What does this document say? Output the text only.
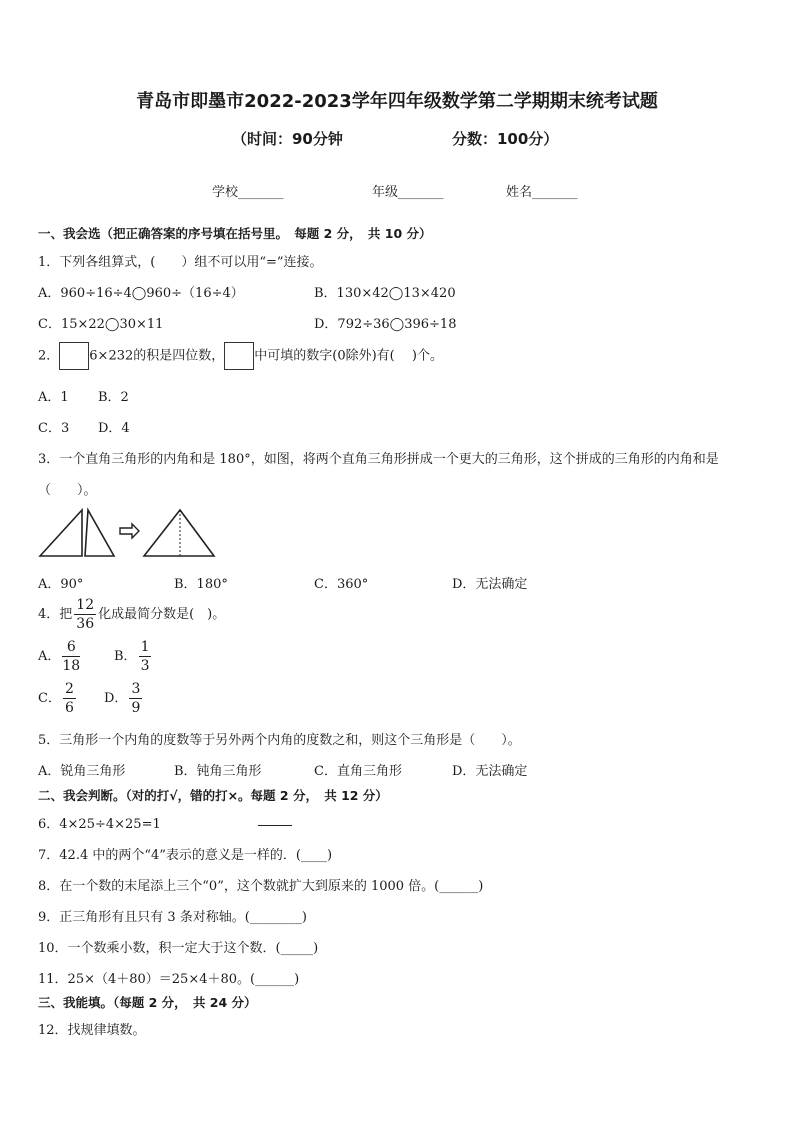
青岛市即墨市2022-2023学年四年级数学第二学期期末统考试题
（时间：90分钟	分数：100分）
学校_______	年级_______	姓名_______
一、我会选（把正确答案的序号填在括号里。　每题 2 分，　共 10 分）
1．下列各组算式，(　　）组不可以用“=”连接。
A．960÷16÷4◯960÷（16÷4）	B．130×42◯13×420
C．15×22◯30×11	D．792÷36◯396÷18
2． 6×232的积是四位数， 中可填的数字(0除外)有(　 )个。
A．1 B．2
C．3 D．4
3．一个直角三角形的内角和是 180°，如图，将两个直角三角形拼成一个更大的三角形，这个拼成的三角形的内角和是
（　　）。
A．90°	B．180°	C．360°	D．无法确定
4．把 $\frac{12}{36}$ 化成最简分数是(　)。
A． $\frac{6}{18}$	B． $\frac{1}{3}$
C． $\frac{2}{6}$ D． $\frac{3}{9}$
5．三角形一个内角的度数等于另外两个内角的度数之和，则这个三角形是（　　）。
A．锐角三角形	B．钝角三角形	C．直角三角形	D．无法确定
二、我会判断。（对的打√，错的打×。每题 2 分，　共 12 分）
6．4×25÷4×25=1
7．42.4 中的两个“4”表示的意义是一样的．(____)
8．在一个数的末尾添上三个“0”，这个数就扩大到原来的 1000 倍。(______)
9．正三角形有且只有 3 条对称轴。(________)
10．一个数乘小数，积一定大于这个数．(_____)
11．25×（4＋80）＝25×4＋80。(______)
三、我能填。（每题 2 分，　共 24 分）
12．找规律填数。
